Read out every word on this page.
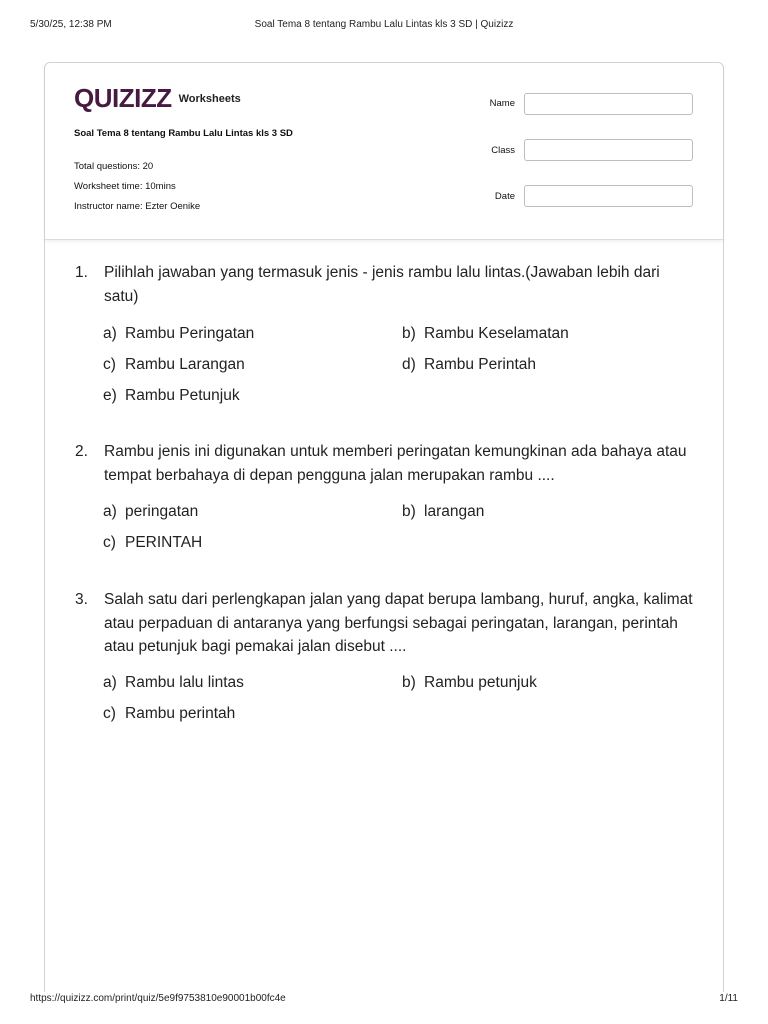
5/30/25, 12:38 PM	Soal Tema 8 tentang Rambu Lalu Lintas kls 3 SD | Quizizz
QUIZIZZ Worksheets
Soal Tema 8 tentang Rambu Lalu Lintas kls 3 SD
Total questions: 20
Worksheet time: 10mins
Instructor name: Ezter Oenike
Name
Class
Date
1.	Pilihlah jawaban yang termasuk jenis - jenis rambu lalu lintas.(Jawaban lebih dari satu)
a) Rambu Peringatan	b) Rambu Keselamatan
c) Rambu Larangan	d) Rambu Perintah
e) Rambu Petunjuk
2.	Rambu jenis ini digunakan untuk memberi peringatan kemungkinan ada bahaya atau tempat berbahaya di depan pengguna jalan merupakan rambu ....
a) peringatan	b) larangan
c) PERINTAH
3.	Salah satu dari perlengkapan jalan yang dapat berupa lambang, huruf, angka, kalimat atau perpaduan di antaranya yang berfungsi sebagai peringatan, larangan, perintah atau petunjuk bagi pemakai jalan disebut ....
a) Rambu lalu lintas	b) Rambu petunjuk
c) Rambu perintah
https://quizizz.com/print/quiz/5e9f9753810e90001b00fc4e	1/11
